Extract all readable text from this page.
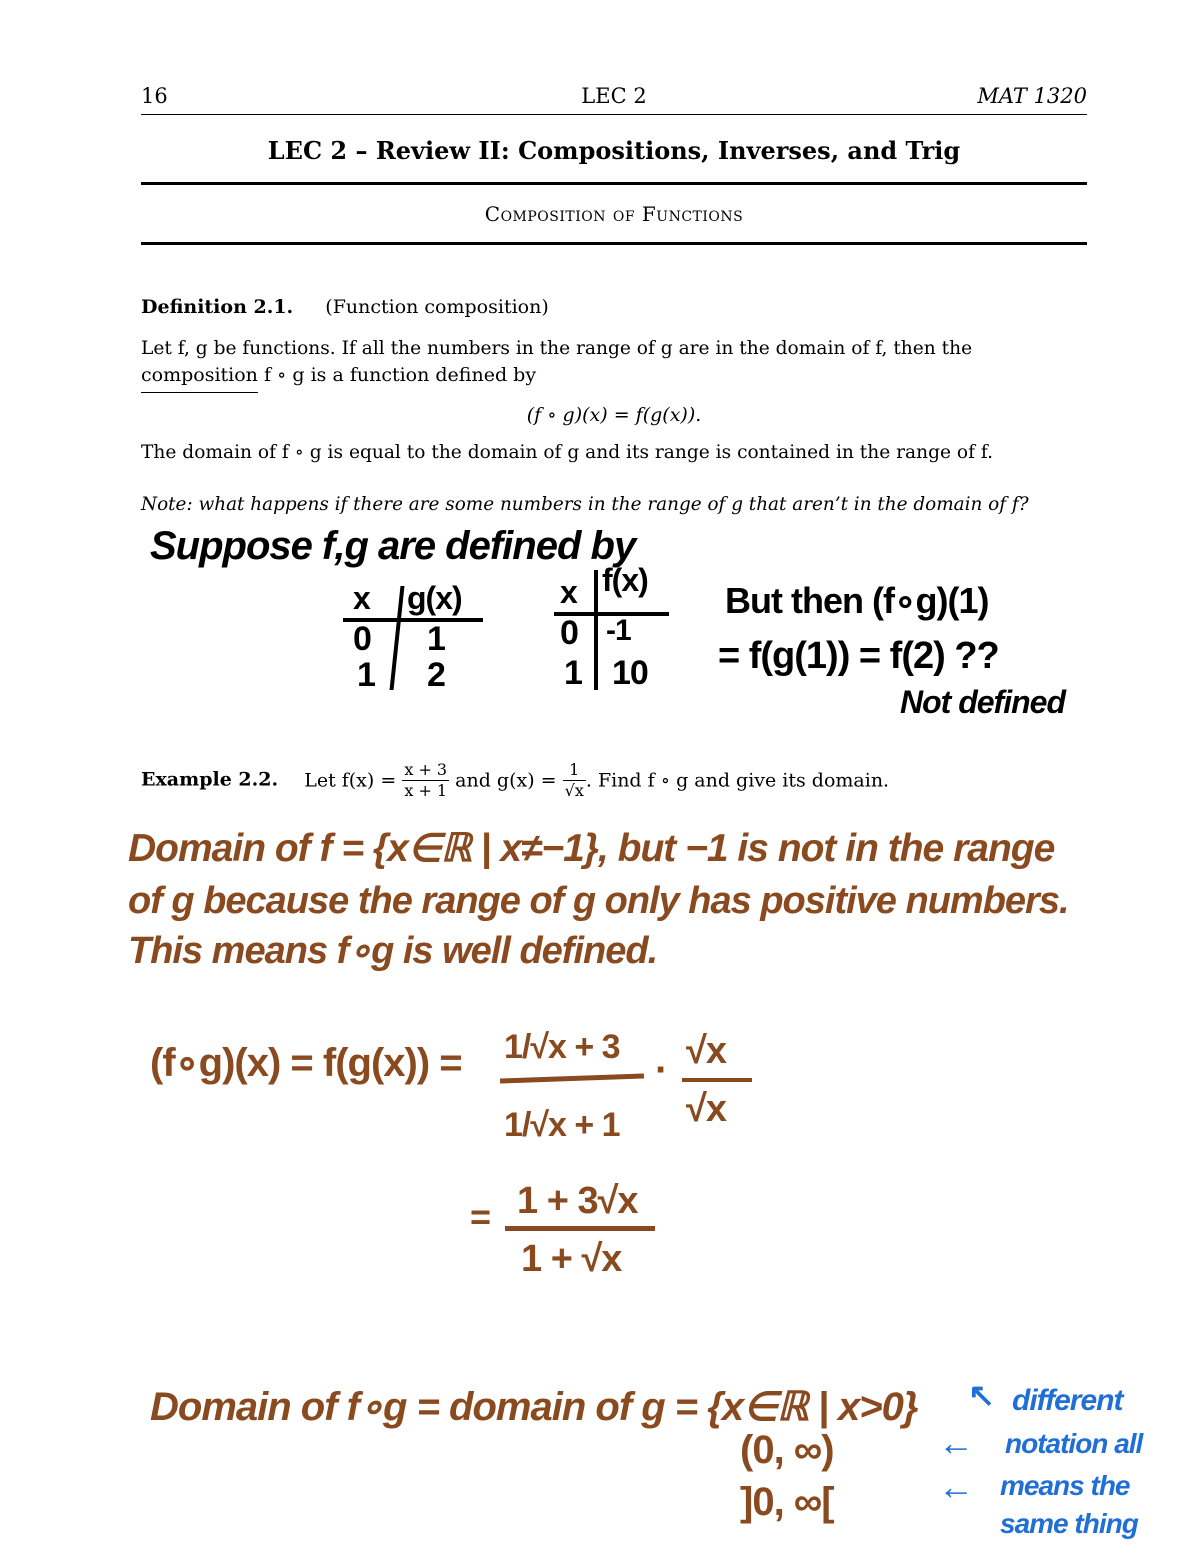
16	LEC 2	MAT 1320
LEC 2 – Review II: Compositions, Inverses, and Trig
Composition of Functions
Definition 2.1. (Function composition)
Let f, g be functions. If all the numbers in the range of g are in the domain of f, then the
composition f ∘ g is a function defined by
(f ∘ g)(x) = f(g(x)).
The domain of f ∘ g is equal to the domain of g and its range is contained in the range of f.
Note: what happens if there are some numbers in the range of g that aren’t in the domain of f?
Suppose f,g are defined by
x g(x)
0 1
1 2
x f(x)
0 -1
1 10
But then (f∘g)(1)
= f(g(1)) = f(2) ??
Not defined
Example 2.2. Let $f(x) = \frac{x + 3}{x + 1}$ and $g(x) = \frac{1}{√x}$ . Find f ∘ g and give its domain.
Domain of f = {x∈ℝ | x≠−1}, but −1 is not in the range
of g because the range of g only has positive numbers.
This means f∘g is well defined.
(f∘g)(x) = f(g(x)) = 1/√x + 3
1/√x + 1
· √x
√x
= 1 + 3√x
1 + √x
Domain of f∘g = domain of g = {x∈ℝ | x>0}
(0, ∞)
]0, ∞[
↖ different
← notation all
← means the
same thing
